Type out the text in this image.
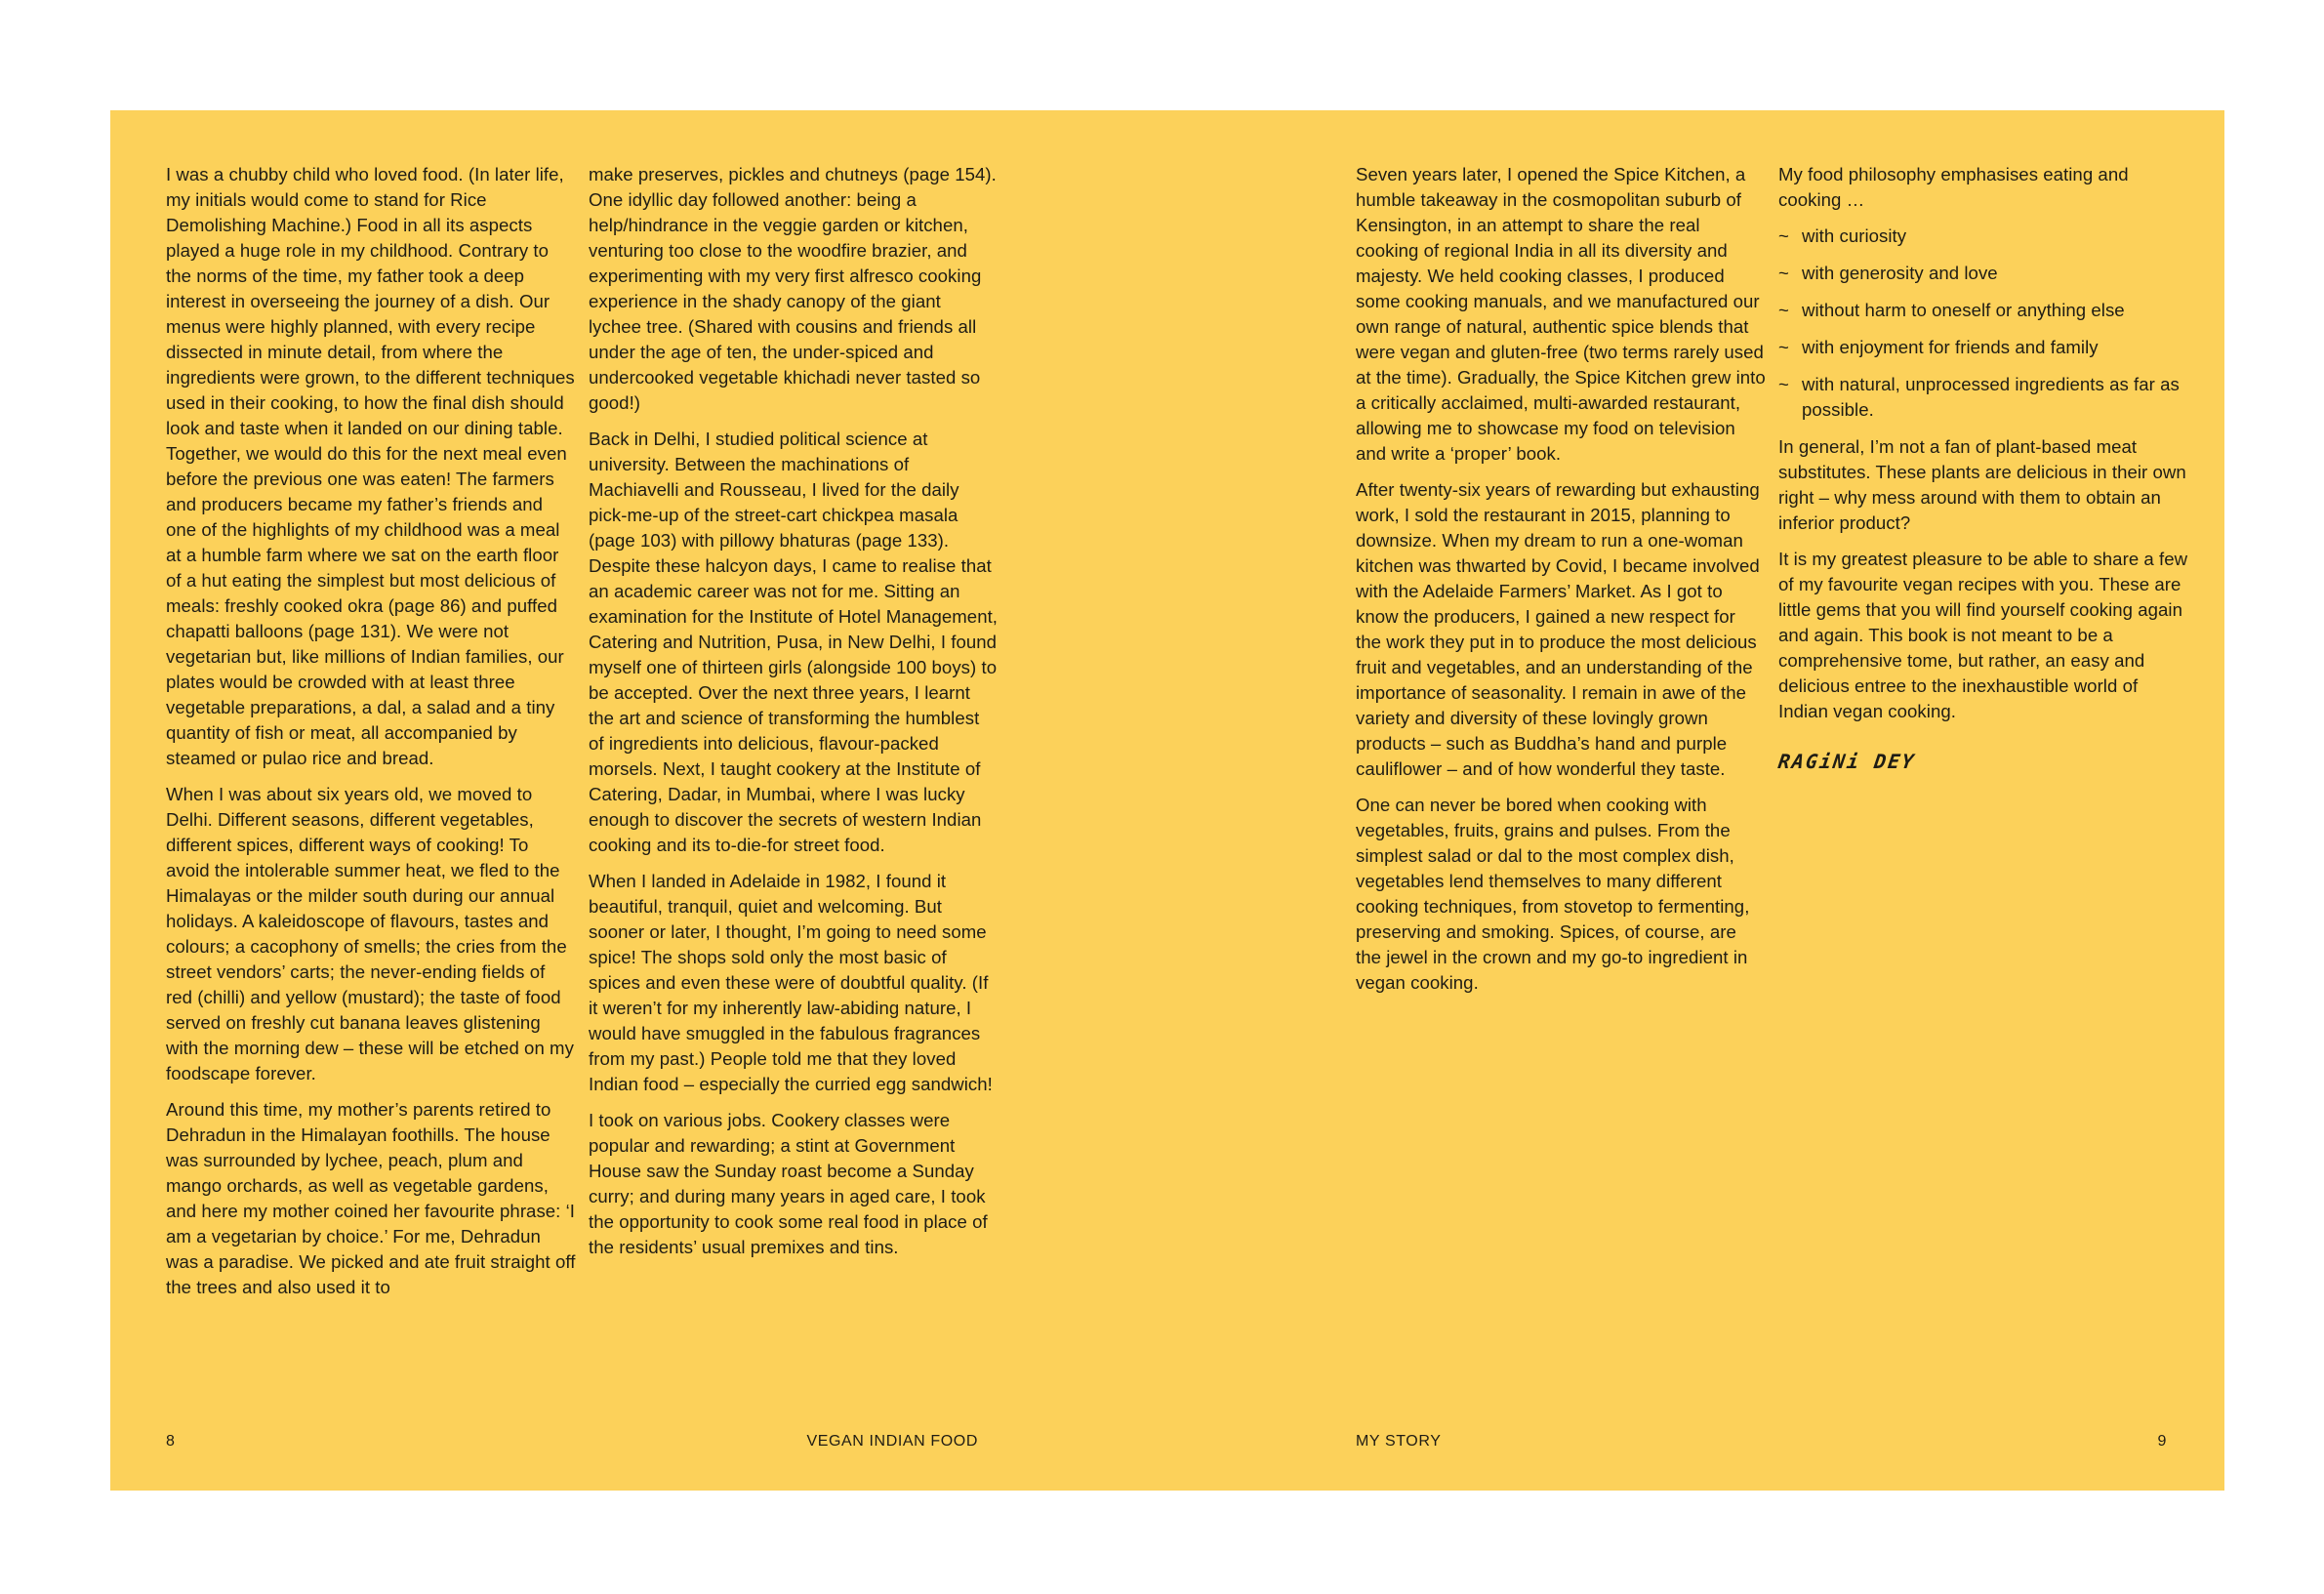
I was a chubby child who loved food. (In later life, my initials would come to stand for Rice Demolishing Machine.) Food in all its aspects played a huge role in my childhood. Contrary to the norms of the time, my father took a deep interest in overseeing the journey of a dish. Our menus were highly planned, with every recipe dissected in minute detail, from where the ingredients were grown, to the different techniques used in their cooking, to how the final dish should look and taste when it landed on our dining table. Together, we would do this for the next meal even before the previous one was eaten! The farmers and producers became my father’s friends and one of the highlights of my childhood was a meal at a humble farm where we sat on the earth floor of a hut eating the simplest but most delicious of meals: freshly cooked okra (page 86) and puffed chapatti balloons (page 131). We were not vegetarian but, like millions of Indian families, our plates would be crowded with at least three vegetable preparations, a dal, a salad and a tiny quantity of fish or meat, all accompanied by steamed or pulao rice and bread.

When I was about six years old, we moved to Delhi. Different seasons, different vegetables, different spices, different ways of cooking! To avoid the intolerable summer heat, we fled to the Himalayas or the milder south during our annual holidays. A kaleidoscope of flavours, tastes and colours; a cacophony of smells; the cries from the street vendors’ carts; the never-ending fields of red (chilli) and yellow (mustard); the taste of food served on freshly cut banana leaves glistening with the morning dew – these will be etched on my foodscape forever.

Around this time, my mother’s parents retired to Dehradun in the Himalayan foothills. The house was surrounded by lychee, peach, plum and mango orchards, as well as vegetable gardens, and here my mother coined her favourite phrase: ‘I am a vegetarian by choice.’ For me, Dehradun was a paradise. We picked and ate fruit straight off the trees and also used it to

make preserves, pickles and chutneys (page 154). One idyllic day followed another: being a help/hindrance in the veggie garden or kitchen, venturing too close to the woodfire brazier, and experimenting with my very first alfresco cooking experience in the shady canopy of the giant lychee tree. (Shared with cousins and friends all under the age of ten, the under-spiced and undercooked vegetable khichadi never tasted so good!)

Back in Delhi, I studied political science at university. Between the machinations of Machiavelli and Rousseau, I lived for the daily pick-me-up of the street-cart chickpea masala (page 103) with pillowy bhaturas (page 133). Despite these halcyon days, I came to realise that an academic career was not for me. Sitting an examination for the Institute of Hotel Management, Catering and Nutrition, Pusa, in New Delhi, I found myself one of thirteen girls (alongside 100 boys) to be accepted. Over the next three years, I learnt the art and science of transforming the humblest of ingredients into delicious, flavour-packed morsels. Next, I taught cookery at the Institute of Catering, Dadar, in Mumbai, where I was lucky enough to discover the secrets of western Indian cooking and its to-die-for street food.

When I landed in Adelaide in 1982, I found it beautiful, tranquil, quiet and welcoming. But sooner or later, I thought, I’m going to need some spice! The shops sold only the most basic of spices and even these were of doubtful quality. (If it weren’t for my inherently law-abiding nature, I would have smuggled in the fabulous fragrances from my past.) People told me that they loved Indian food – especially the curried egg sandwich!

I took on various jobs. Cookery classes were popular and rewarding; a stint at Government House saw the Sunday roast become a Sunday curry; and during many years in aged care, I took the opportunity to cook some real food in place of the residents’ usual premixes and tins.

Seven years later, I opened the Spice Kitchen, a humble takeaway in the cosmopolitan suburb of Kensington, in an attempt to share the real cooking of regional India in all its diversity and majesty. We held cooking classes, I produced some cooking manuals, and we manufactured our own range of natural, authentic spice blends that were vegan and gluten-free (two terms rarely used at the time). Gradually, the Spice Kitchen grew into a critically acclaimed, multi-awarded restaurant, allowing me to showcase my food on television and write a ‘proper’ book.

After twenty-six years of rewarding but exhausting work, I sold the restaurant in 2015, planning to downsize. When my dream to run a one-woman kitchen was thwarted by Covid, I became involved with the Adelaide Farmers’ Market. As I got to know the producers, I gained a new respect for the work they put in to produce the most delicious fruit and vegetables, and an understanding of the importance of seasonality. I remain in awe of the variety and diversity of these lovingly grown products – such as Buddha’s hand and purple cauliflower – and of how wonderful they taste.

One can never be bored when cooking with vegetables, fruits, grains and pulses. From the simplest salad or dal to the most complex dish, vegetables lend themselves to many different cooking techniques, from stovetop to fermenting, preserving and smoking. Spices, of course, are the jewel in the crown and my go-to ingredient in vegan cooking.

My food philosophy emphasises eating and cooking …

~ with curiosity
~ with generosity and love
~ without harm to oneself or anything else
~ with enjoyment for friends and family
~ with natural, unprocessed ingredients as far as possible.

In general, I’m not a fan of plant-based meat substitutes. These plants are delicious in their own right – why mess around with them to obtain an inferior product?

It is my greatest pleasure to be able to share a few of my favourite vegan recipes with you. These are little gems that you will find yourself cooking again and again. This book is not meant to be a comprehensive tome, but rather, an easy and delicious entree to the inexhaustible world of Indian vegan cooking.

RAGiNi DEY
8	VEGAN INDIAN FOOD	MY STORY	9
